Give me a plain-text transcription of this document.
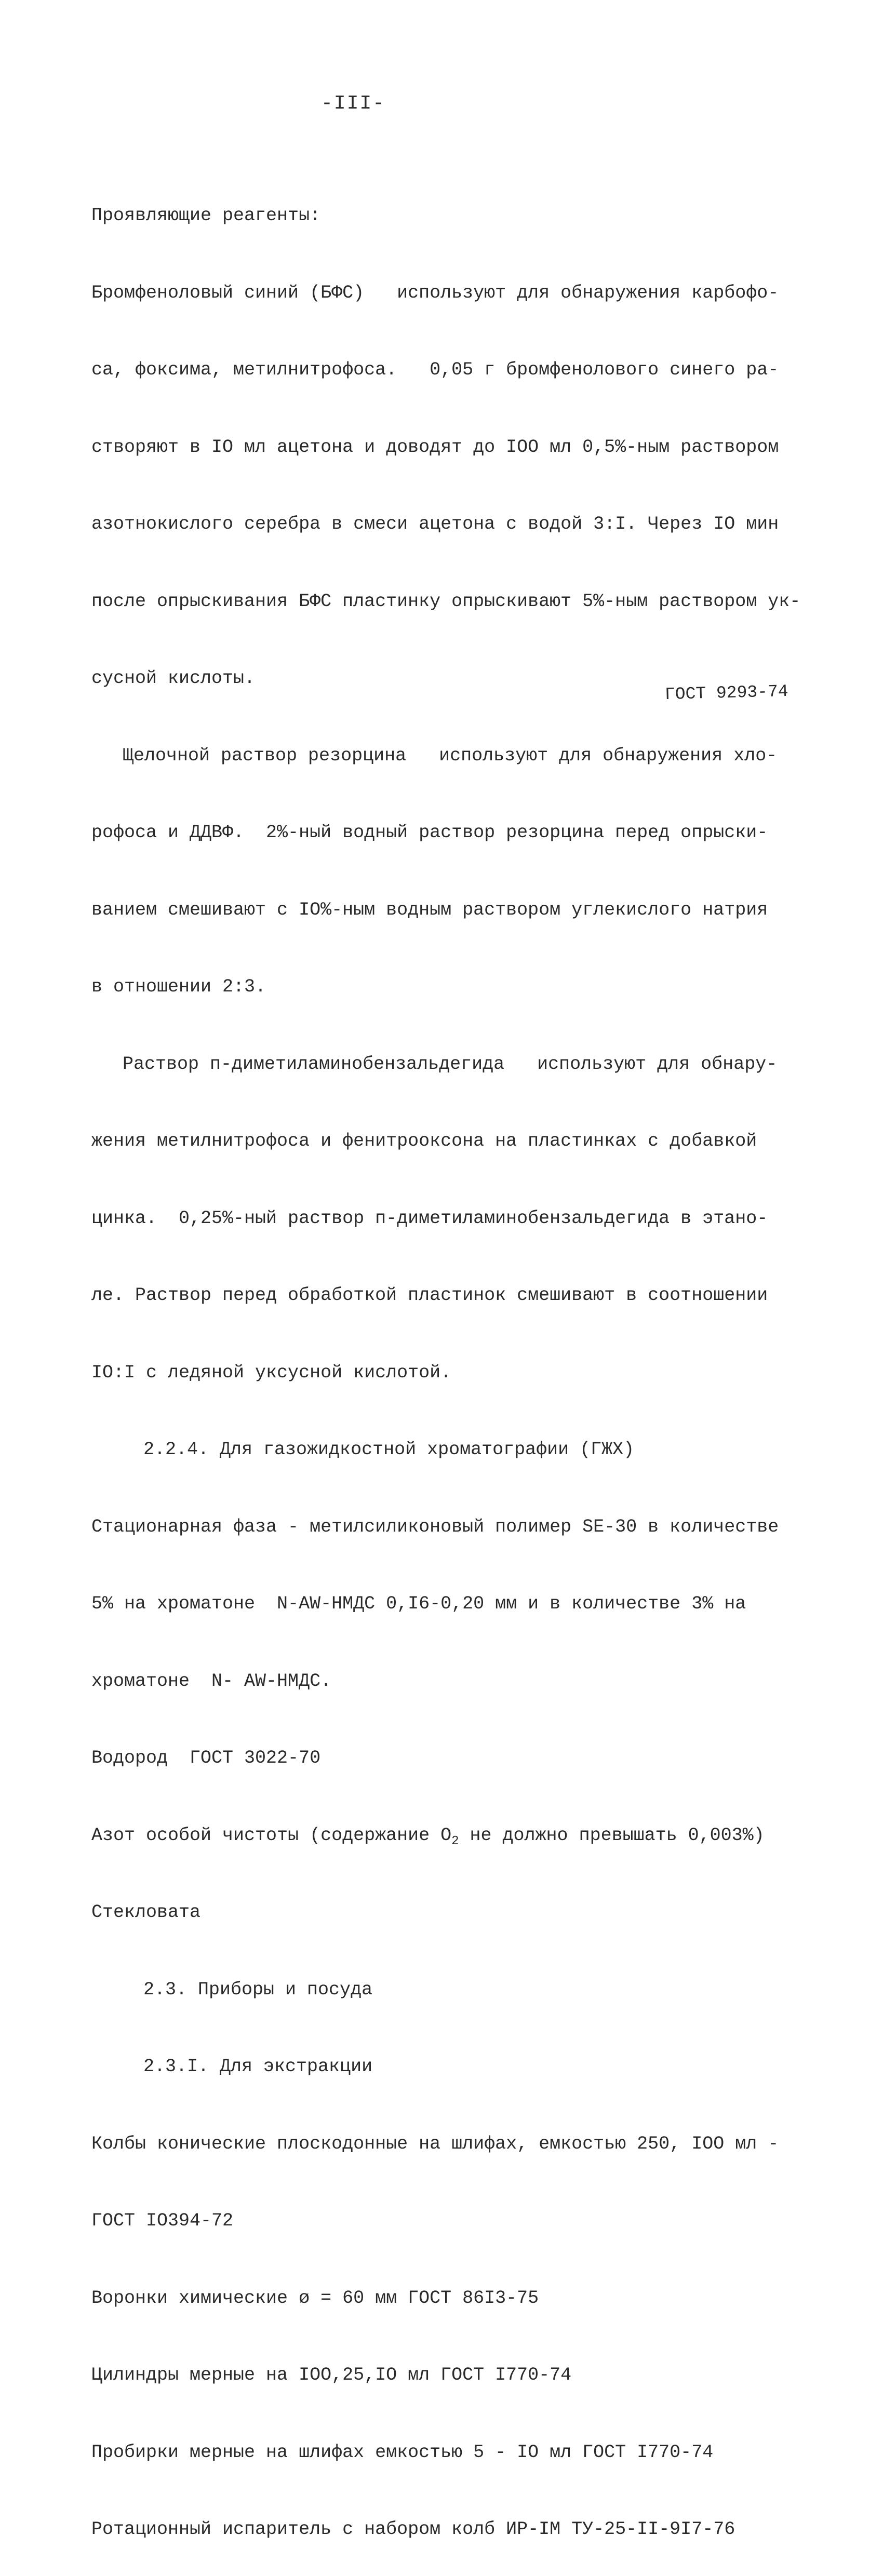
-III-

Проявляющие реагенты:

Бромфеноловый синий (БФС)   используют для обнаружения карбофо-

са, фоксима, метилнитрофоса.   0,05 г бромфенолового синего ра-

створяют в IO мл ацетона и доводят до IOO мл 0,5%-ным раствором

азотнокислого серебра в смеси ацетона с водой 3:I. Через IO мин

после опрыскивания БФС пластинку опрыскивают 5%-ным раствором ук-

сусной кислоты.

Щелочной раствор резорцина   используют для обнаружения хло-

рофоса и ДДВФ.  2%-ный водный раствор резорцина перед опрыски-

ванием смешивают с IO%-ным водным раствором углекислого натрия

в отношении 2:3.

Раствор п-диметиламинобензальдегида   используют для обнару-

жения метилнитрофоса и фенитрооксона на пластинках с добавкой

цинка.  0,25%-ный раствор п-диметиламинобензальдегида в этано-

ле. Раствор перед обработкой пластинок смешивают в соотношении

IO:I с ледяной уксусной кислотой.

2.2.4. Для газожидкостной хроматографии (ГЖХ)

Стационарная фаза - метилсиликоновый полимер SE-30 в количестве

5% на хроматоне  N-AW-НМДС 0,I6-0,20 мм и в количестве 3% на

хроматоне  N- AW-НМДС.

Водород  ГОСТ 3022-70

Азот особой чистоты (содержание $O_2$ не должно превышать 0,003%)

Стекловата

2.3. Приборы и посуда

2.3.I. Для экстракции

Колбы конические плоскодонные на шлифах, емкостью 250, IOO мл -

ГОСТ IO394-72

Воронки химические ø = 60 мм ГОСТ 86I3-75

Цилиндры мерные на IOO,25,IO мл ГОСТ I770-74

Пробирки мерные на шлифах емкостью 5 - IO мл ГОСТ I770-74

Ротационный испаритель с набором колб ИР-IМ ТУ-25-II-9I7-76

ГОСТ 9293-74
